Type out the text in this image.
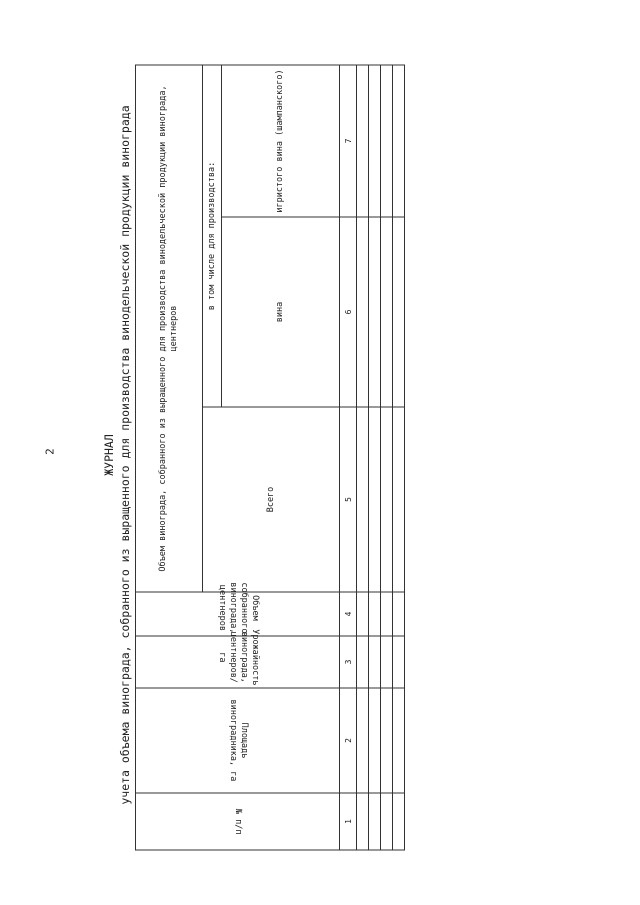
2	ЖУРНАЛ учета объема винограда, собранного из выращенного для производства винодельческой продукции винограда
№ п/п	Площадь виноградника, га	Урожайность винограда, центнеров/га	Объем собранного винограда, центнеров	Объем винограда, собранного из выращенного для производства винодельческой продукции винограда, центнеров		
				Всего	в том числе для производства:	
					вина	игристого вина (шампанского)
1	2	3	4	5	6	7
